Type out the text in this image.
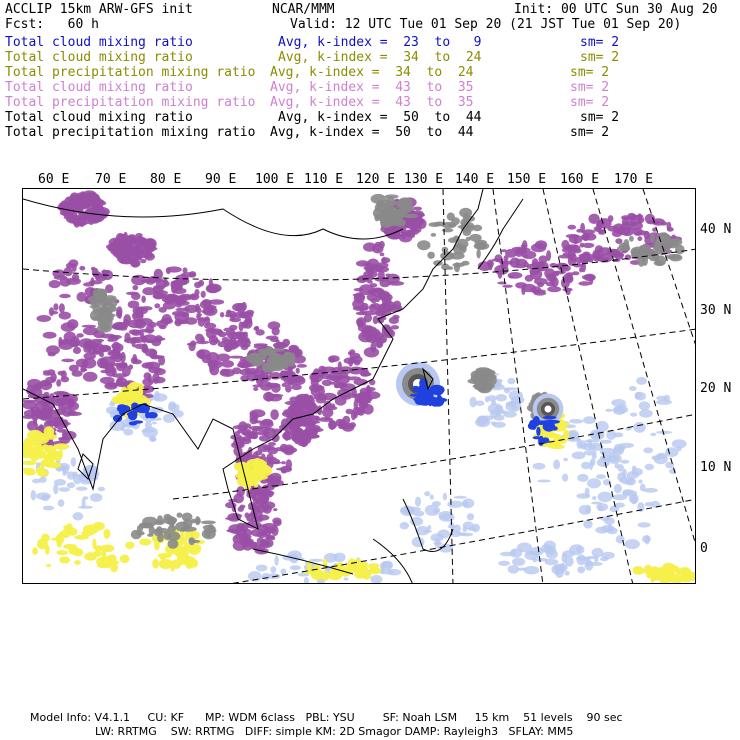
ACCLIP 15km ARW-GFS init	NCAR/MMM	Init: 00 UTC Sun 30 Aug 20
Fcst:   60 h	Valid: 12 UTC Tue 01 Sep 20 (21 JST Tue 01 Sep 20)
Model Info: V4.1.1     CU: KF      MP: WDM 6class   PBL: YSU        SF: Noah LSM     15 km    51 levels    90 sec
LW: RRTMG    SW: RRTMG   DIFF: simple KM: 2D Smagor DAMP: Rayleigh3   SFLAY: MM5
Total cloud mixing ratio	Avg, k-index =  23  to   9	sm= 2
Total cloud mixing ratio	Avg, k-index =  34  to  24	sm= 2
Total precipitation mixing ratio Avg, k-index =  34  to  24	sm= 2
Total cloud mixing ratio	Avg, k-index =  43  to  35	sm= 2
Total precipitation mixing ratio Avg, k-index =  43  to  35	sm= 2
Total cloud mixing ratio	Avg, k-index =  50  to  44	sm= 2
Total precipitation mixing ratio Avg, k-index =  50  to  44	sm= 2
60 E 70 E 80 E 90 E 100 E 110 E 120 E 130 E 140 E 150 E 160 E 170 E
40 N
30 N
20 N
10 N
0
